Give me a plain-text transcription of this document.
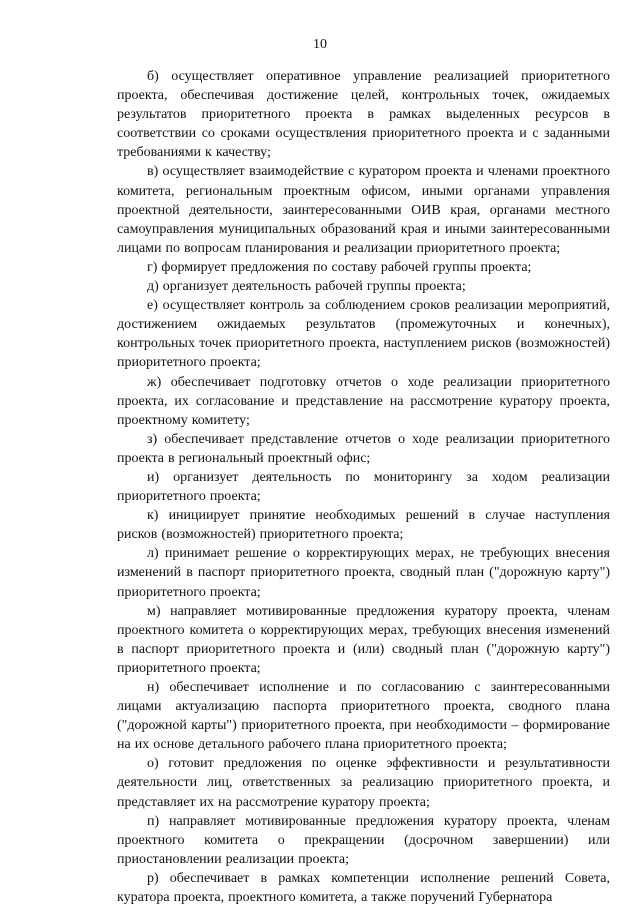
10

б) осуществляет оперативное управление реализацией приоритетного проекта, обеспечивая достижение целей, контрольных точек, ожидаемых результатов приоритетного проекта в рамках выделенных ресурсов в соответствии со сроками осуществления приоритетного проекта и с заданными требованиями к качеству;

в) осуществляет взаимодействие с куратором проекта и членами проектного комитета, региональным проектным офисом, иными органами управления проектной деятельности, заинтересованными ОИВ края, органами местного самоуправления муниципальных образований края и иными заинтересованными лицами по вопросам планирования и реализации приоритетного проекта;

г) формирует предложения по составу рабочей группы проекта;

д) организует деятельность рабочей группы проекта;

е) осуществляет контроль за соблюдением сроков реализации мероприятий, достижением ожидаемых результатов (промежуточных и конечных), контрольных точек приоритетного проекта, наступлением рисков (возможностей) приоритетного проекта;

ж) обеспечивает подготовку отчетов о ходе реализации приоритетного проекта, их согласование и представление на рассмотрение куратору проекта, проектному комитету;

з) обеспечивает представление отчетов о ходе реализации приоритетного проекта в региональный проектный офис;

и) организует деятельность по мониторингу за ходом реализации приоритетного проекта;

к) инициирует принятие необходимых решений в случае наступления рисков (возможностей) приоритетного проекта;

л) принимает решение о корректирующих мерах, не требующих внесения изменений в паспорт приоритетного проекта, сводный план ("дорожную карту") приоритетного проекта;

м) направляет мотивированные предложения куратору проекта, членам проектного комитета о корректирующих мерах, требующих внесения изменений в паспорт приоритетного проекта и (или) сводный план ("дорожную карту") приоритетного проекта;

н) обеспечивает исполнение и по согласованию с заинтересованными лицами актуализацию паспорта приоритетного проекта, сводного плана ("дорожной карты") приоритетного проекта, при необходимости – формирование на их основе детального рабочего плана приоритетного проекта;

о) готовит предложения по оценке эффективности и результативности деятельности лиц, ответственных за реализацию приоритетного проекта, и представляет их на рассмотрение куратору проекта;

п) направляет мотивированные предложения куратору проекта, членам проектного комитета о прекращении (досрочном завершении) или приостановлении реализации проекта;

р) обеспечивает в рамках компетенции исполнение решений Совета, куратора проекта, проектного комитета, а также поручений Губернатора
